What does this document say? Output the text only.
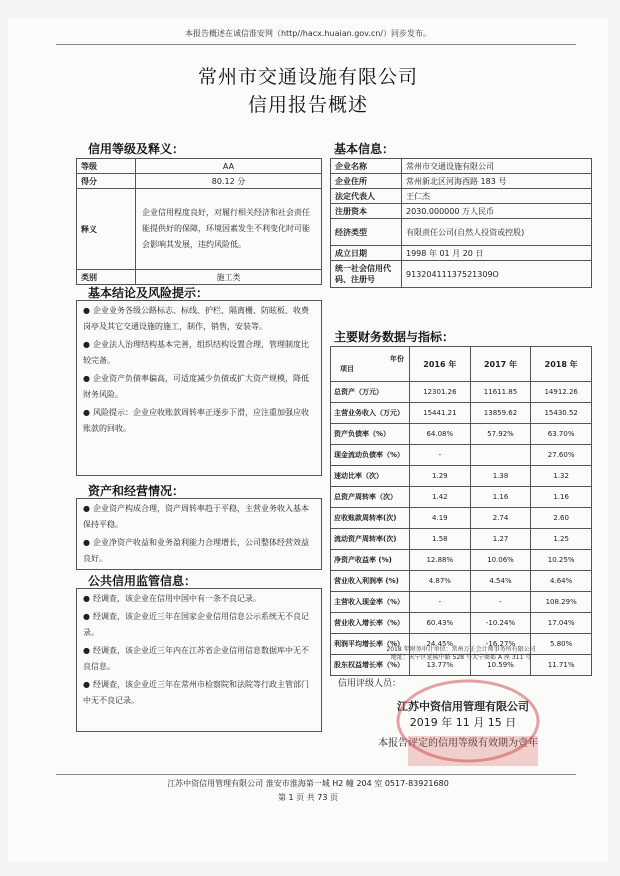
本报告概述在诚信淮安网（http//hacx.huaian.gov.cn/）同步发布。
常州市交通设施有限公司
信用报告概述
信用等级及释义：
等级	AA
得分	80.12 分
释义	企业信用程度良好，对履行相关经济和社会责任能提供好的保障，环境因素发生不利变化时可能会影响其发展，违约风险低。
类别	施工类
基本结论及风险提示：

● 企业业务各级公路标志、标线、护栏、隔离栅、防眩板、收费岗亭及其它交通设施的施工，制作，销售，安装等。

● 企业法人治理结构基本完善，组织结构设置合理，管理制度比较完备。

● 企业资产负债率偏高，可适度减少负债或扩大资产规模，降低财务风险。

● 风险提示：企业应收账款周转率正逐步下滑，应注重加强应收账款的回收。

资产和经营情况：

● 企业资产构成合理，资产周转率趋于平稳，主营业务收入基本保持平稳。

● 企业净资产收益和业务盈利能力合理增长，公司整体经营效益良好。

公共信用监管信息：

● 经调查，该企业在信用中国中有一条不良记录。

● 经调查，该企业近三年在国家企业信用信息公示系统无不良记录。

● 经调查，该企业近三年内在江苏省企业信用信息数据库中无不良信息。

● 经调查，该企业近三年在常州市检察院和法院等行政主管部门中无不良记录。

基本信息：
企业名称	常州市交通设施有限公司
企业住所	常州新北区河海西路 183 号
法定代表人	王仁杰
注册资本	2030.000000 万人民币
经济类型	有限责任公司(自然人投资或控股)
成立日期	1998 年 01 月 20 日
统一社会信用代码、注册号	91320411137521309O
主要财务数据与指标：
年份
项目	2016 年	2017 年	2018 年
总资产（万元）	12301.26	11611.85	14912.26
主营业务收入（万元）	15441.21	13859.62	15430.52
资产负债率（%）	64.08%	57.92%	63.70%
现金流动负债率（%）	-		27.60%
速动比率（次）	1.29	1.38	1.32
总资产周转率（次）	1.42	1.16	1.16
应收账款周转率(次)	4.19	2.74	2.60
流动资产周转率(次)	1.58	1.27	1.25
净资产收益率 (%)	12.88%	10.06%	10.25%
营业收入利润率 (%)	4.87%	4.54%	4.64%
主营收入现金率（%）	-	-	108.29%
营业收入增长率（%）	60.43%	-10.24%	17.04%
利润平均增长率（%）	24.45%	-16.27%	5.80%
股东权益增长率（%）	13.77%	10.59%	11.71%
2018 年财务审计单位：常州万正会计师事务所有限公司
地址：天宁区延陵中路 528 号大宁商都 A 座 311 号
信用评级人员：
江苏中资信用管理有限公司
2019 年 11 月 15 日
本报告评定的信用等级有效期为壹年
江苏中资信用管理有限公司 淮安市淮海第一城 H2 幢 204 室 0517-83921680
第 1 页 共 73 页
